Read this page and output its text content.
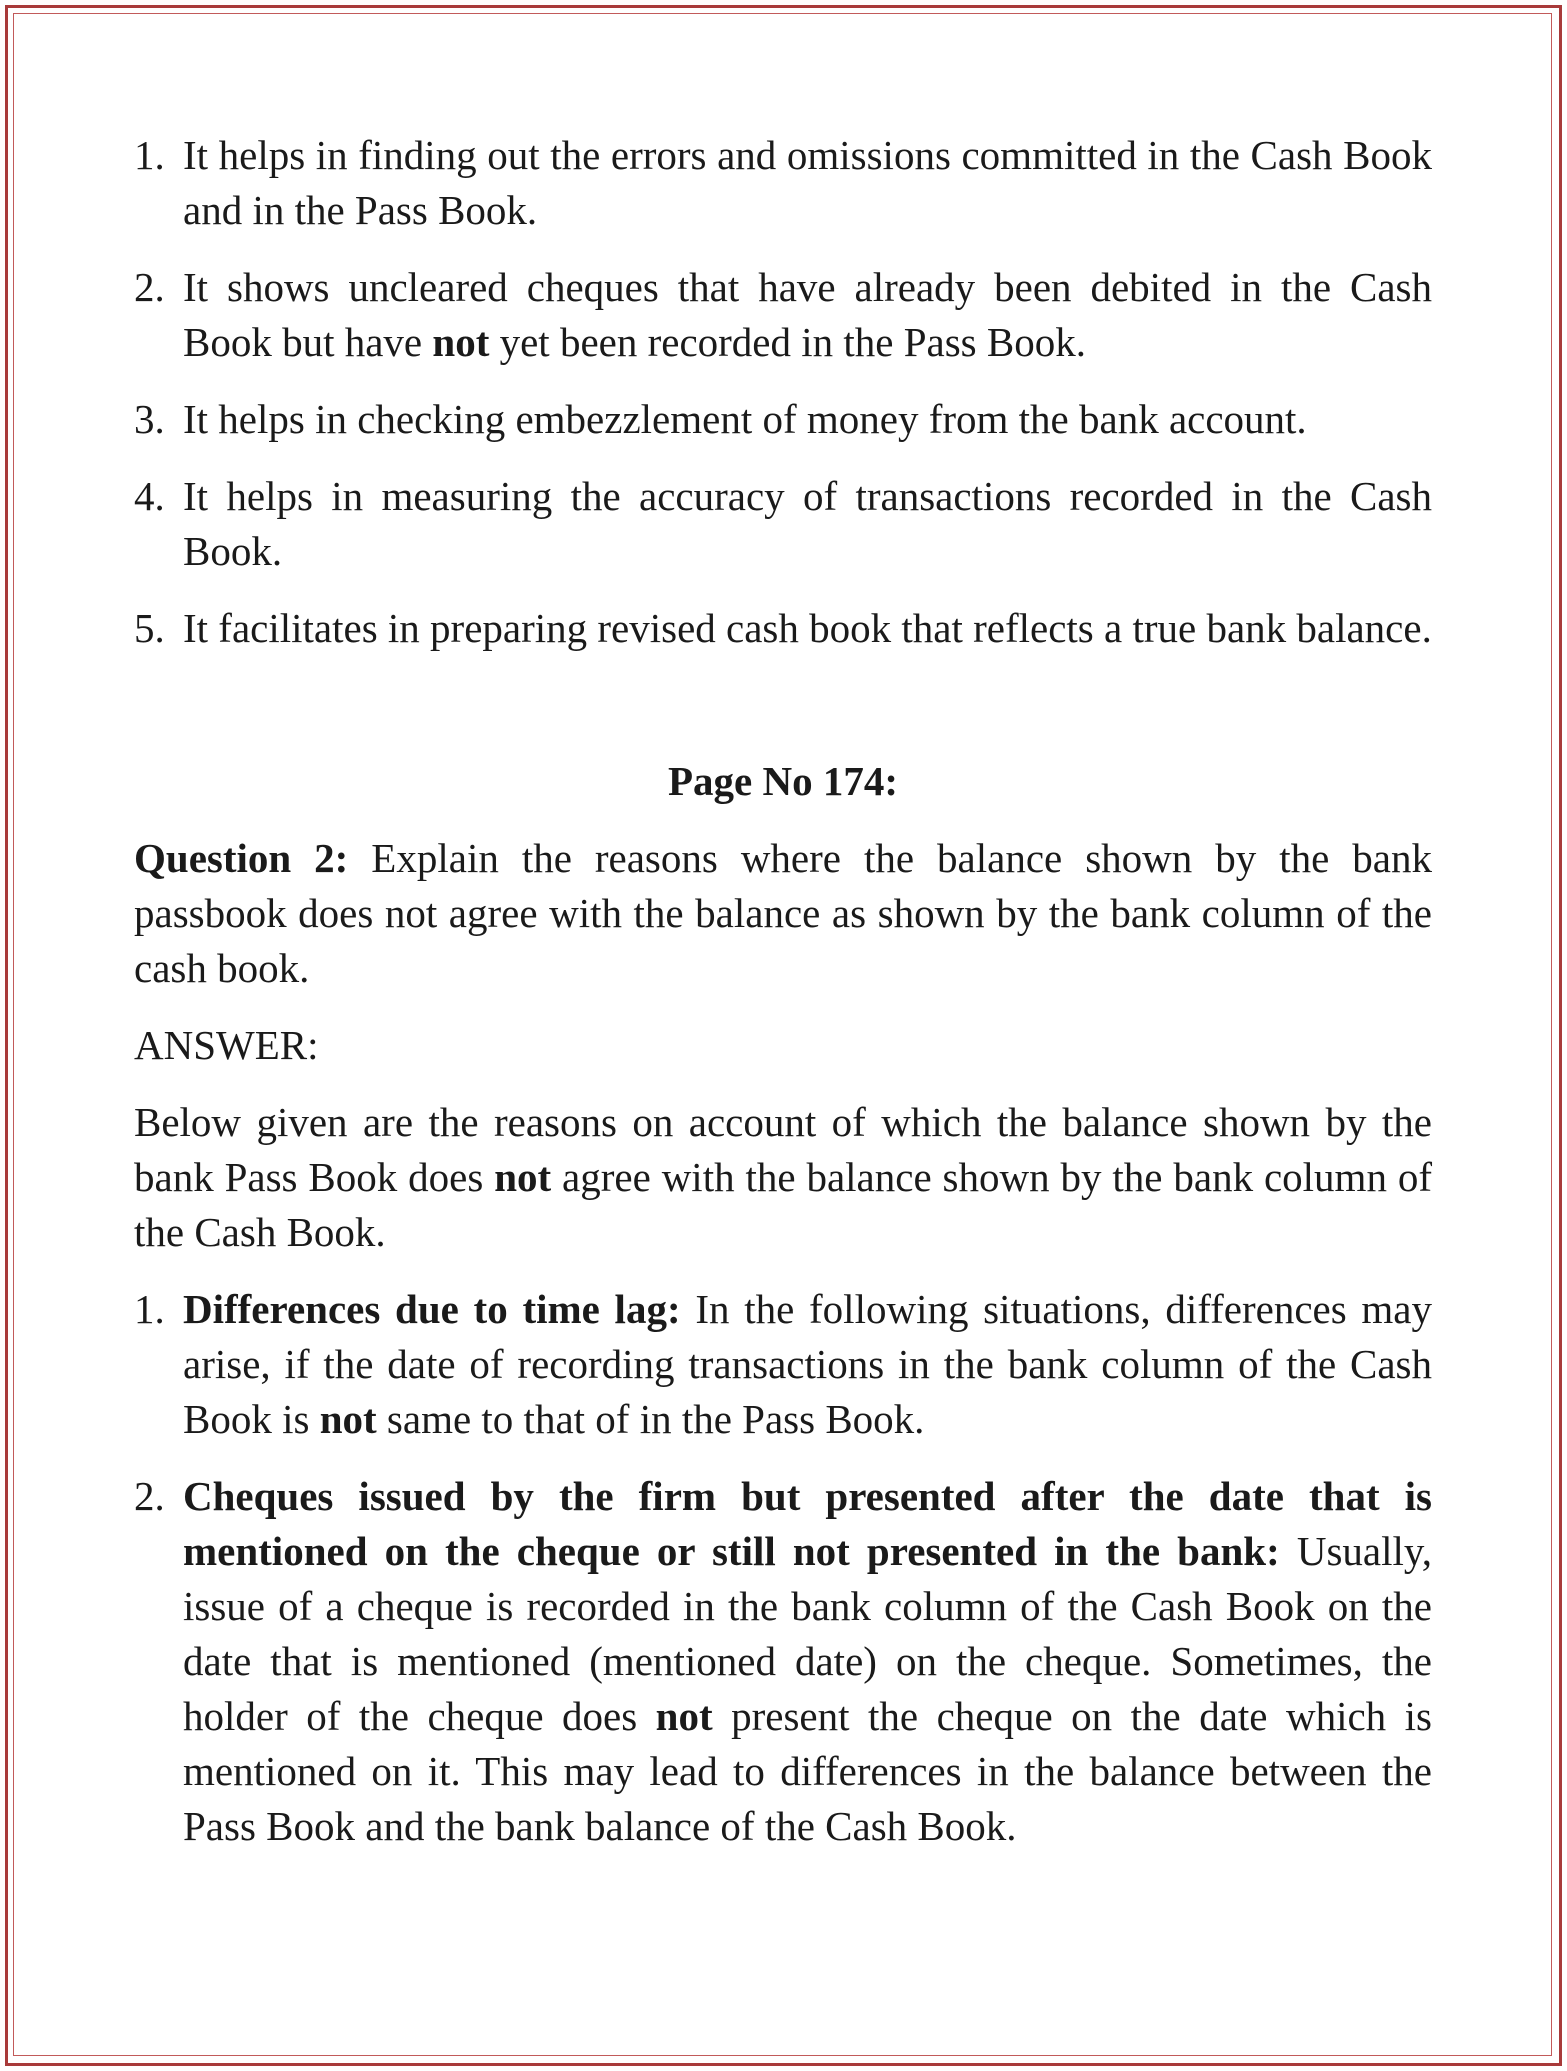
1. It helps in finding out the errors and omissions committed in the Cash Book and in the Pass Book.
2. It shows uncleared cheques that have already been debited in the Cash Book but have not yet been recorded in the Pass Book.
3. It helps in checking embezzlement of money from the bank account.
4. It helps in measuring the accuracy of transactions recorded in the Cash Book.
5. It facilitates in preparing revised cash book that reflects a true bank balance.
Page No 174:

Question 2: Explain the reasons where the balance shown by the bank passbook does not agree with the balance as shown by the bank column of the cash book.

ANSWER:

Below given are the reasons on account of which the balance shown by the bank Pass Book does not agree with the balance shown by the bank column of the Cash Book.

1. Differences due to time lag: In the following situations, differences may arise, if the date of recording transactions in the bank column of the Cash Book is not same to that of in the Pass Book.
2. Cheques issued by the firm but presented after the date that is mentioned on the cheque or still not presented in the bank: Usually, issue of a cheque is recorded in the bank column of the Cash Book on the date that is mentioned (mentioned date) on the cheque. Sometimes, the holder of the cheque does not present the cheque on the date which is mentioned on it. This may lead to differences in the balance between the Pass Book and the bank balance of the Cash Book.
